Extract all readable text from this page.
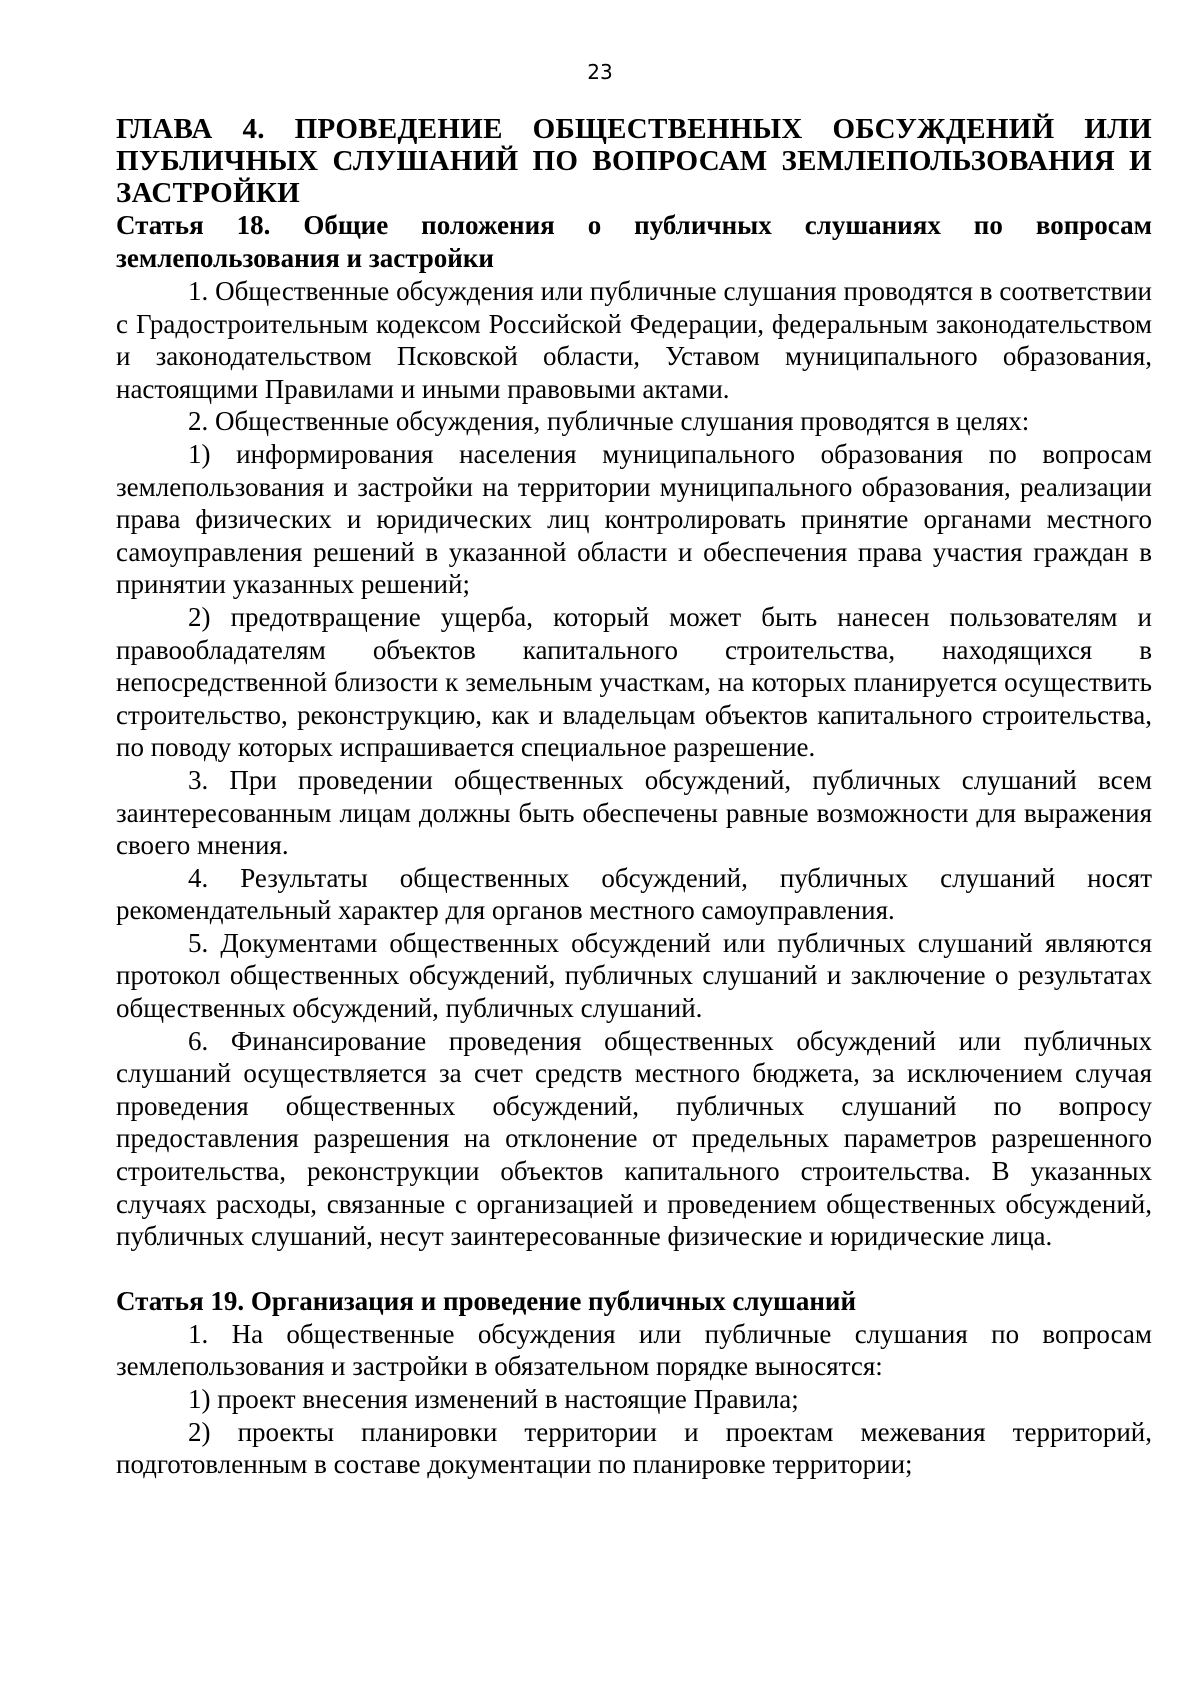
23
ГЛАВА 4. ПРОВЕДЕНИЕ ОБЩЕСТВЕННЫХ ОБСУЖДЕНИЙ ИЛИ ПУБЛИЧНЫХ СЛУШАНИЙ ПО ВОПРОСАМ ЗЕМЛЕПОЛЬЗОВАНИЯ И ЗАСТРОЙКИ
Статья 18. Общие положения о публичных слушаниях по вопросам землепользования и застройки

1. Общественные обсуждения или публичные слушания проводятся в соответствии с Градостроительным кодексом Российской Федерации, федеральным законодательством и законодательством Псковской области, Уставом муниципального образования, настоящими Правилами и иными правовыми актами.

2. Общественные обсуждения, публичные слушания проводятся в целях:

1) информирования населения муниципального образования по вопросам землепользования и застройки на территории муниципального образования, реализации права физических и юридических лиц контролировать принятие органами местного самоуправления решений в указанной области и обеспечения права участия граждан в принятии указанных решений;

2) предотвращение ущерба, который может быть нанесен пользователям и правообладателям объектов капитального строительства, находящихся в непосредственной близости к земельным участкам, на которых планируется осуществить строительство, реконструкцию, как и владельцам объектов капитального строительства, по поводу которых испрашивается специальное разрешение.

3. При проведении общественных обсуждений, публичных слушаний всем заинтересованным лицам должны быть обеспечены равные возможности для выражения своего мнения.

4. Результаты общественных обсуждений, публичных слушаний носят рекомендательный характер для органов местного самоуправления.

5. Документами общественных обсуждений или публичных слушаний являются протокол общественных обсуждений, публичных слушаний и заключение о результатах общественных обсуждений, публичных слушаний.

6. Финансирование проведения общественных обсуждений или публичных слушаний осуществляется за счет средств местного бюджета, за исключением случая проведения общественных обсуждений, публичных слушаний по вопросу предоставления разрешения на отклонение от предельных параметров разрешенного строительства, реконструкции объектов капитального строительства. В указанных случаях расходы, связанные с организацией и проведением общественных обсуждений, публичных слушаний, несут заинтересованные физические и юридические лица.

Статья 19. Организация и проведение публичных слушаний

1. На общественные обсуждения или публичные слушания по вопросам землепользования и застройки в обязательном порядке выносятся:

1) проект внесения изменений в настоящие Правила;

2) проекты планировки территории и проектам межевания территорий, подготовленным в составе документации по планировке территории;
